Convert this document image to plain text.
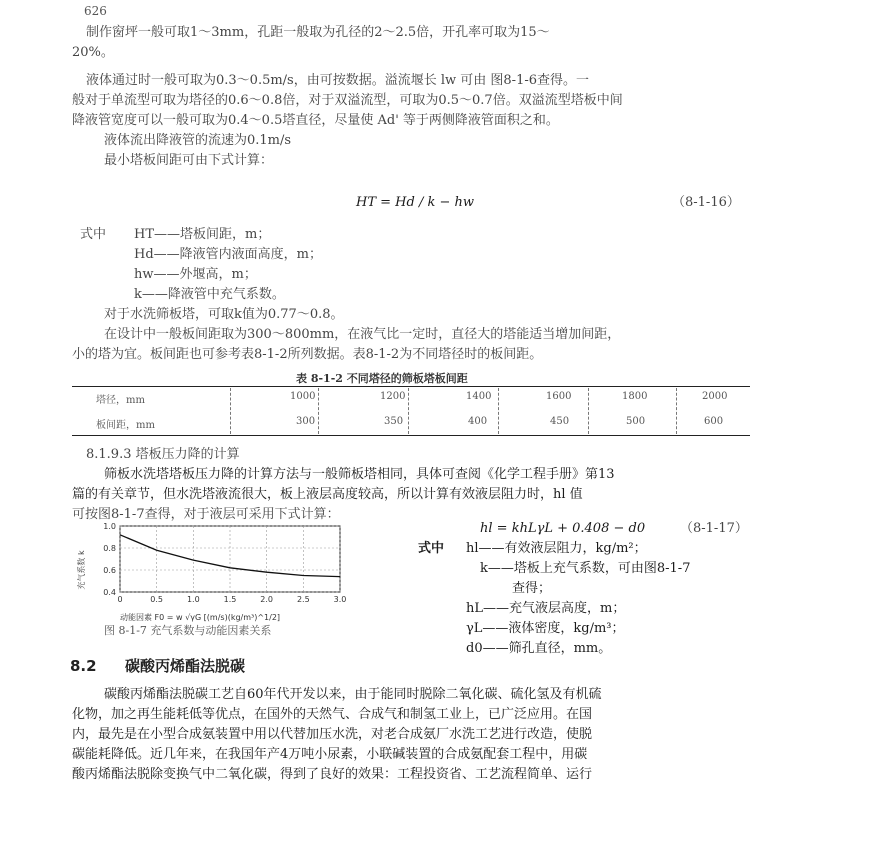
626
制作窗坪一般可取1～3mm，孔距一般取为孔径的2～2.5倍，开孔率可取为15～
20%。
液体通过时一般可取为0.3～0.5m/s，由可按数据。溢流堰长 lw 可由 图8-1-6查得。一
般对于单流型可取为塔径的0.6～0.8倍，对于双溢流型，可取为0.5～0.7倍。双溢流型塔板中间
降液管宽度可以一般可取为0.4～0.5塔直径，尽量使 Ad' 等于两侧降液管面积之和。
液体流出降液管的流速为0.1m/s
最小塔板间距可由下式计算：
HT = Hd / k − hw	（8-1-16）
式中 HT——塔板间距，m；
Hd——降液管内液面高度，m；
hw——外堰高，m；
k——降液管中充气系数。
对于水洗筛板塔，可取k值为0.77～0.8。
在设计中一般板间距取为300～800mm，在液气比一定时，直径大的塔能适当增加间距，
小的塔为宜。板间距也可参考表8-1-2所列数据。表8-1-2为不同塔径时的板间距。
表 8-1-2 不同塔径的筛板塔板间距
塔径，mm	1000	1200	1400	1600	1800	2000
板间距，mm	300	350	400	450	500	600
8.1.9.3 塔板压力降的计算
筛板水洗塔塔板压力降的计算方法与一般筛板塔相同，具体可查阅《化学工程手册》第13
篇的有关章节，但水洗塔液流很大，板上液层高度较高，所以计算有效液层阻力时，hl 值
可按图8-1-7查得，对于液层可采用下式计算：
hl = khLγL + 0.408 − d0	（8-1-17）
式中 hl——有效液层阻力，kg/m²；
k——塔板上充气系数，可由图8-1-7
查得；
hL——充气液层高度，m；
γL——液体密度，kg/m³；
d0——筛孔直径，mm。
充气系数 k
0.4
0.6
0.8
1.0
0	0.5	1.0	1.5	2.0	2.5	3.0
动能因素 F0 = w √γG [(m/s)(kg/m³)^1/2]
图 8-1-7 充气系数与动能因素关系
8.2 碳酸丙烯酯法脱碳
碳酸丙烯酯法脱碳工艺自60年代开发以来，由于能同时脱除二氧化碳、硫化氢及有机硫
化物，加之再生能耗低等优点，在国外的天然气、合成气和制氢工业上，已广泛应用。在国
内，最先是在小型合成氨装置中用以代替加压水洗，对老合成氨厂水洗工艺进行改造，使脱
碳能耗降低。近几年来，在我国年产4万吨小尿素，小联碱装置的合成氨配套工程中，用碳
酸丙烯酯法脱除变换气中二氧化碳，得到了良好的效果：工程投资省、工艺流程简单、运行
